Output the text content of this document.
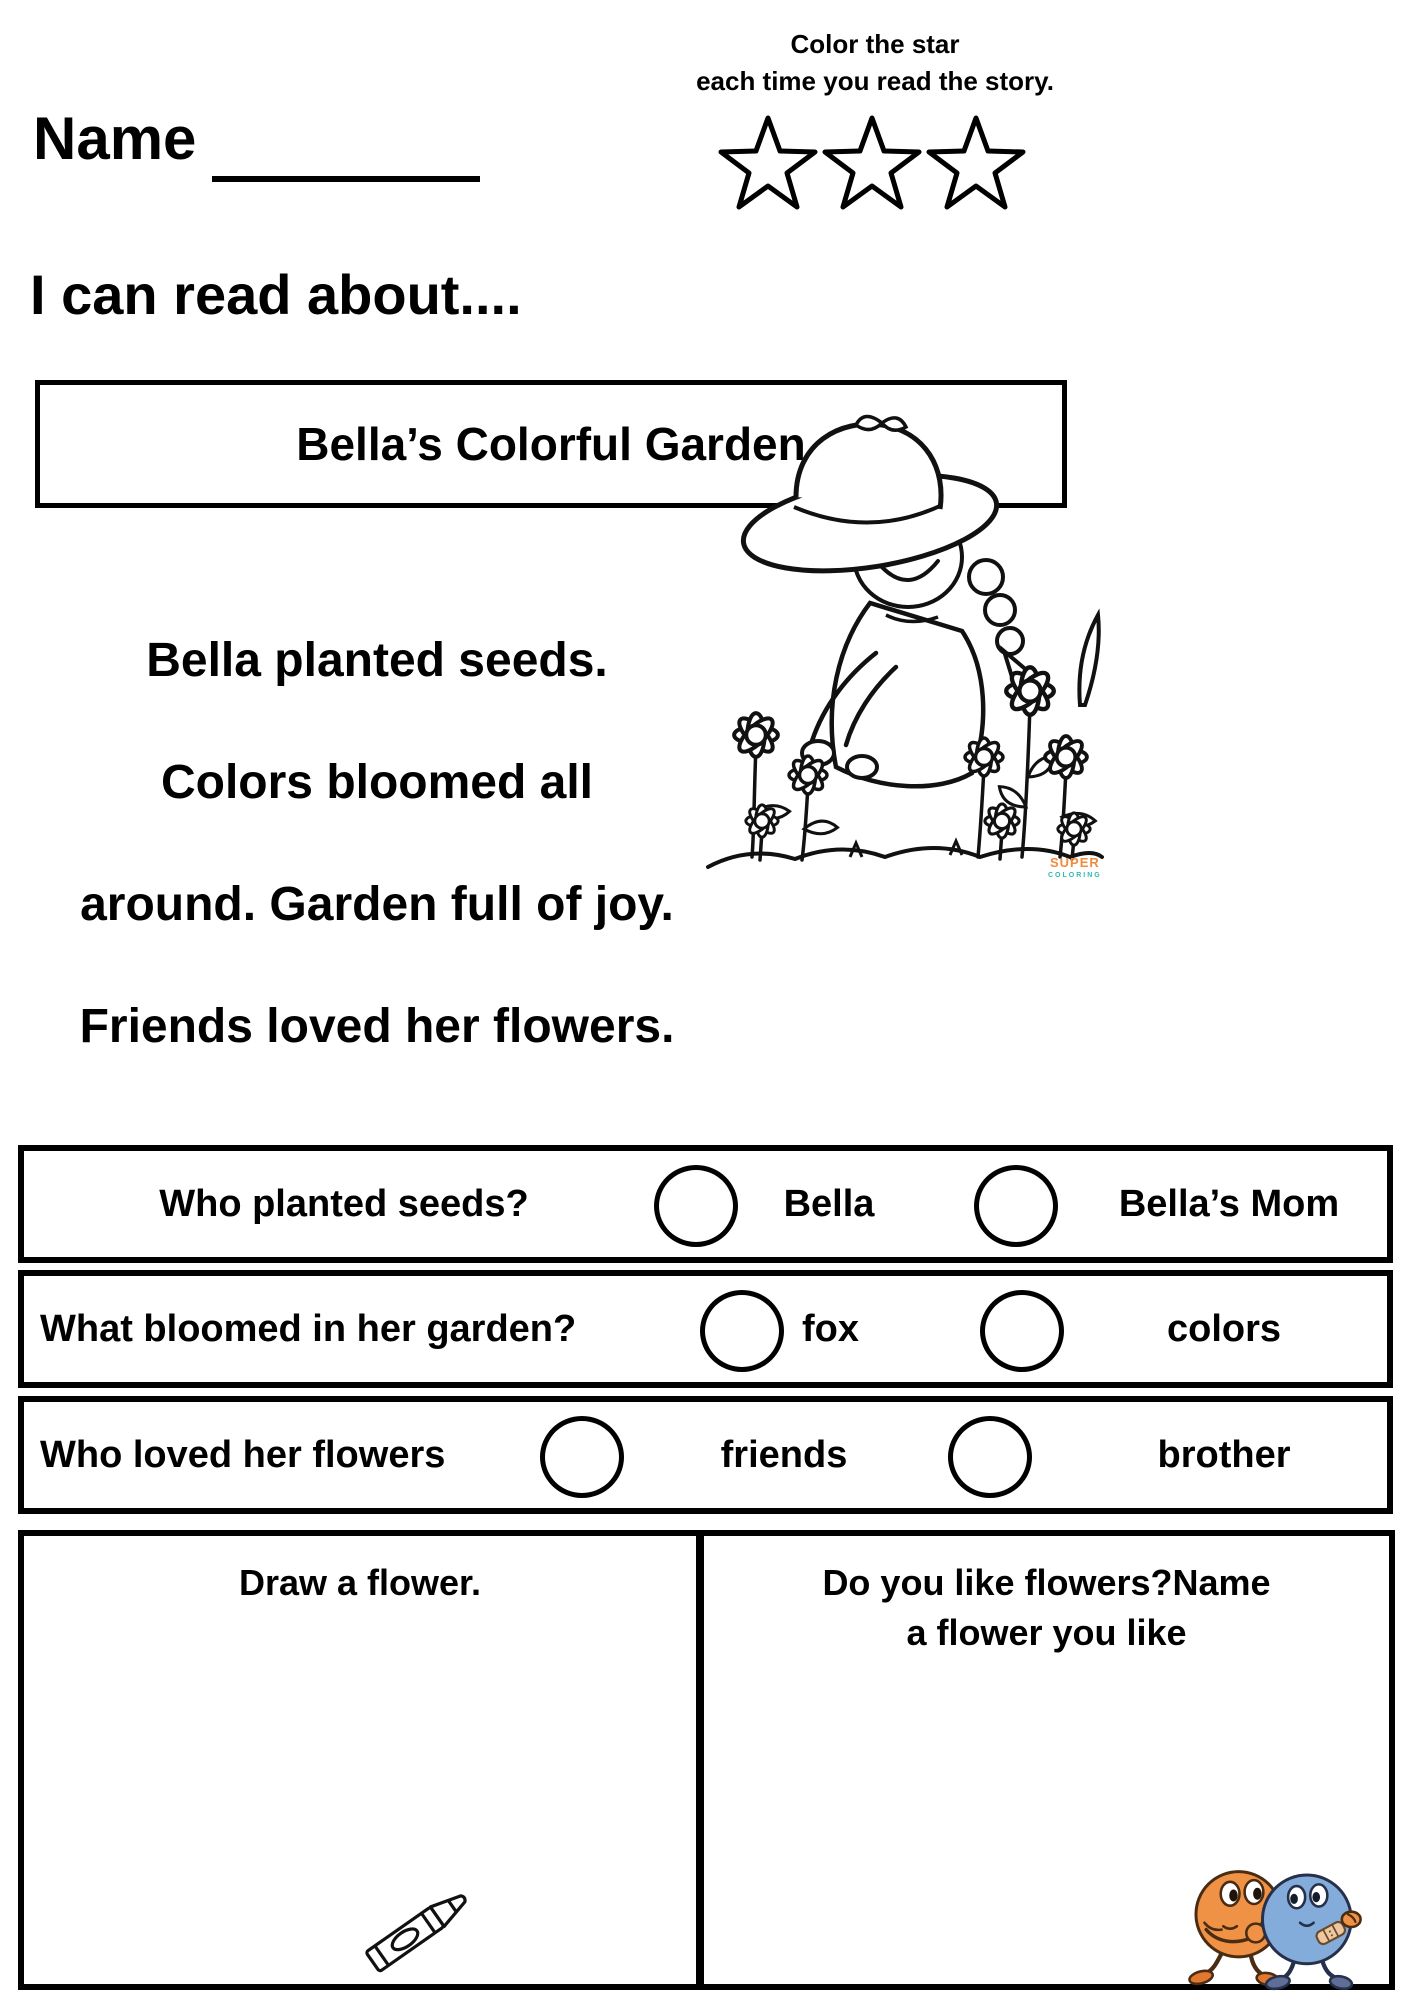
Name
Color the star
each time you read the story.
I can read about....
Bella’s Colorful Garden
Bella planted seeds.
Colors bloomed all
around. Garden full of joy.
Friends loved her flowers.
SUPER
COLORING
Who planted seeds?	Bella	Bella’s Mom
What bloomed in her garden?	fox	colors
Who loved her flowers	friends	brother
Draw a flower.	Do you like flowers?Name
a flower you like
